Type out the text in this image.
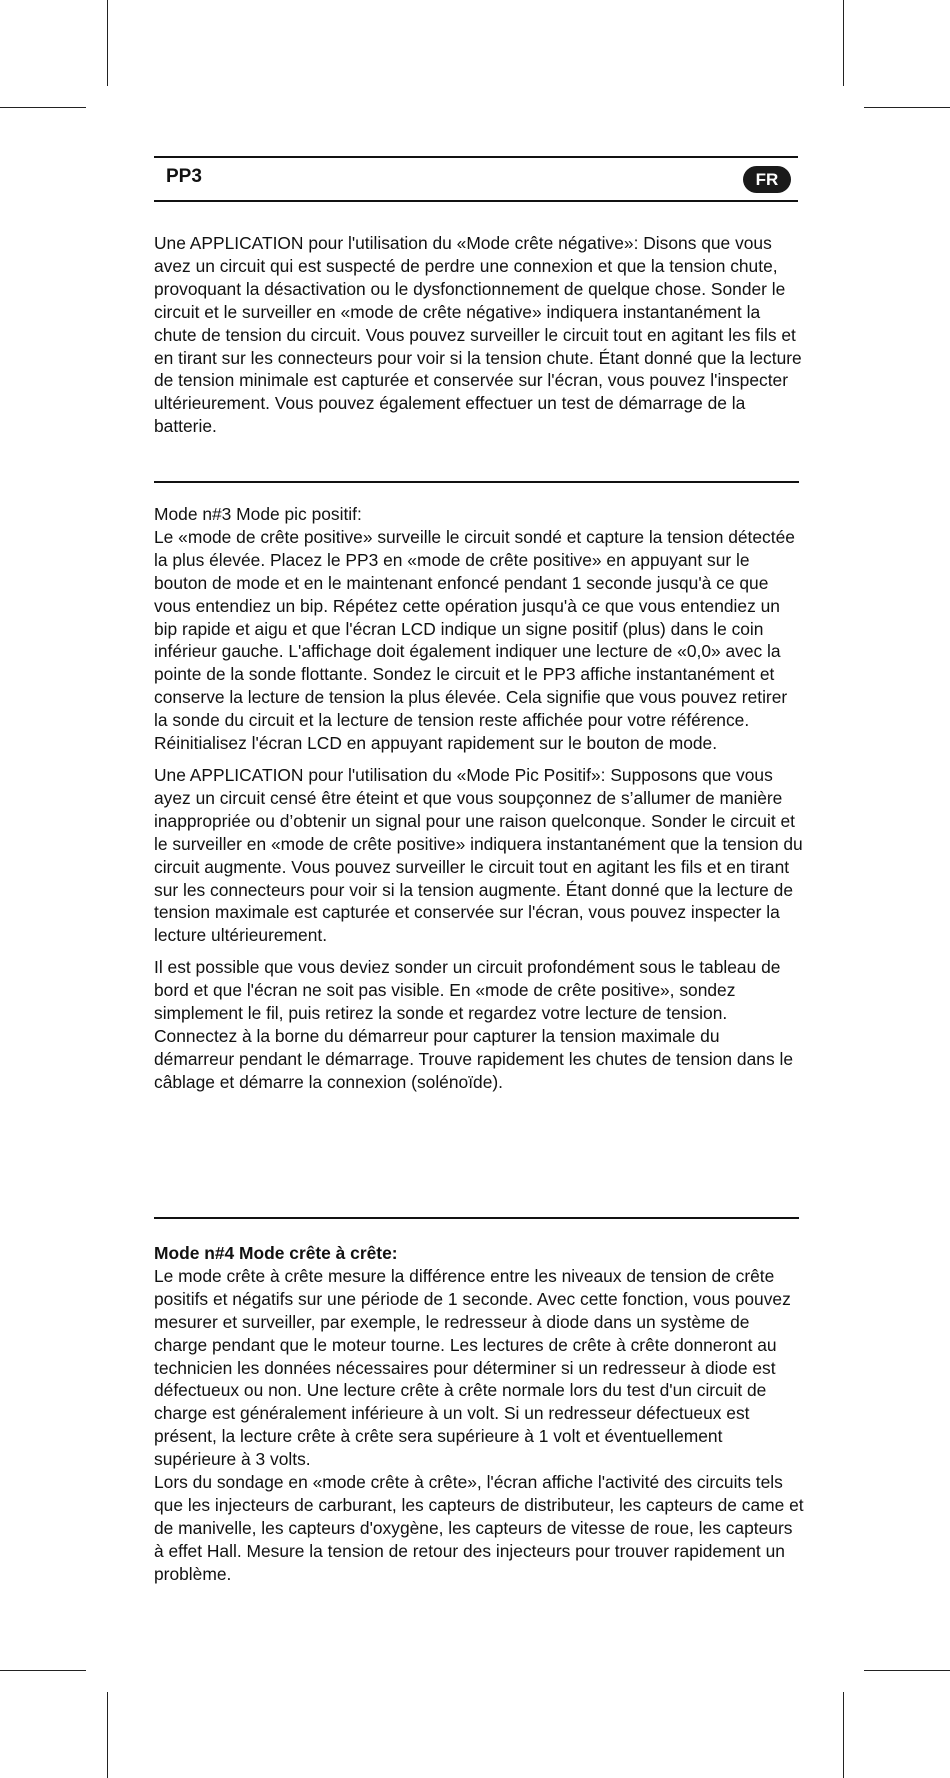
PP3	FR

Une APPLICATION pour l'utilisation du «Mode crête négative»: Disons que vous avez un circuit qui est suspecté de perdre une connexion et que la tension chute, provoquant la désactivation ou le dysfonctionnement de quelque chose. Sonder le circuit et le surveiller en «mode de crête négative» indiquera instantanément la chute de tension du circuit. Vous pouvez surveiller le circuit tout en agitant les fils et en tirant sur les connecteurs pour voir si la tension chute. Étant donné que la lecture de tension minimale est capturée et conservée sur l'écran, vous pouvez l'inspecter ultérieurement. Vous pouvez également effectuer un test de démarrage de la batterie.

Mode n#3 Mode pic positif:

Le «mode de crête positive» surveille le circuit sondé et capture la tension détectée la plus élevée. Placez le PP3 en «mode de crête positive» en appuyant sur le bouton de mode et en le maintenant enfoncé pendant 1 seconde jusqu'à ce que vous entendiez un bip. Répétez cette opération jusqu'à ce que vous entendiez un bip rapide et aigu et que l'écran LCD indique un signe positif (plus) dans le coin inférieur gauche. L'affichage doit également indiquer une lecture de «0,0» avec la pointe de la sonde flottante. Sondez le circuit et le PP3 affiche instantanément et conserve la lecture de tension la plus élevée. Cela signifie que vous pouvez retirer la sonde du circuit et la lecture de tension reste affichée pour votre référence. Réinitialisez l'écran LCD en appuyant rapidement sur le bouton de mode.

Une APPLICATION pour l'utilisation du «Mode Pic Positif»: Supposons que vous ayez un circuit censé être éteint et que vous soupçonnez de s’allumer de manière inappropriée ou d’obtenir un signal pour une raison quelconque. Sonder le circuit et le surveiller en «mode de crête positive» indiquera instantanément que la tension du circuit augmente. Vous pouvez surveiller le circuit tout en agitant les fils et en tirant sur les connecteurs pour voir si la tension augmente. Étant donné que la lecture de tension maximale est capturée et conservée sur l'écran, vous pouvez inspecter la lecture ultérieurement.

Il est possible que vous deviez sonder un circuit profondément sous le tableau de bord et que l'écran ne soit pas visible. En «mode de crête positive», sondez simplement le fil, puis retirez la sonde et regardez votre lecture de tension. Connectez à la borne du démarreur pour capturer la tension maximale du démarreur pendant le démarrage. Trouve rapidement les chutes de tension dans le câblage et démarre la connexion (solénoïde).

Mode n#4 Mode crête à crête:

Le mode crête à crête mesure la différence entre les niveaux de tension de crête positifs et négatifs sur une période de 1 seconde. Avec cette fonction, vous pouvez mesurer et surveiller, par exemple, le redresseur à diode dans un système de charge pendant que le moteur tourne. Les lectures de crête à crête donneront au technicien les données nécessaires pour déterminer si un redresseur à diode est défectueux ou non. Une lecture crête à crête normale lors du test d'un circuit de charge est généralement inférieure à un volt. Si un redresseur défectueux est présent, la lecture crête à crête sera supérieure à 1 volt et éventuellement supérieure à 3 volts.

Lors du sondage en «mode crête à crête», l'écran affiche l'activité des circuits tels que les injecteurs de carburant, les capteurs de distributeur, les capteurs de came et de manivelle, les capteurs d'oxygène, les capteurs de vitesse de roue, les capteurs à effet Hall. Mesure la tension de retour des injecteurs pour trouver rapidement un problème.
